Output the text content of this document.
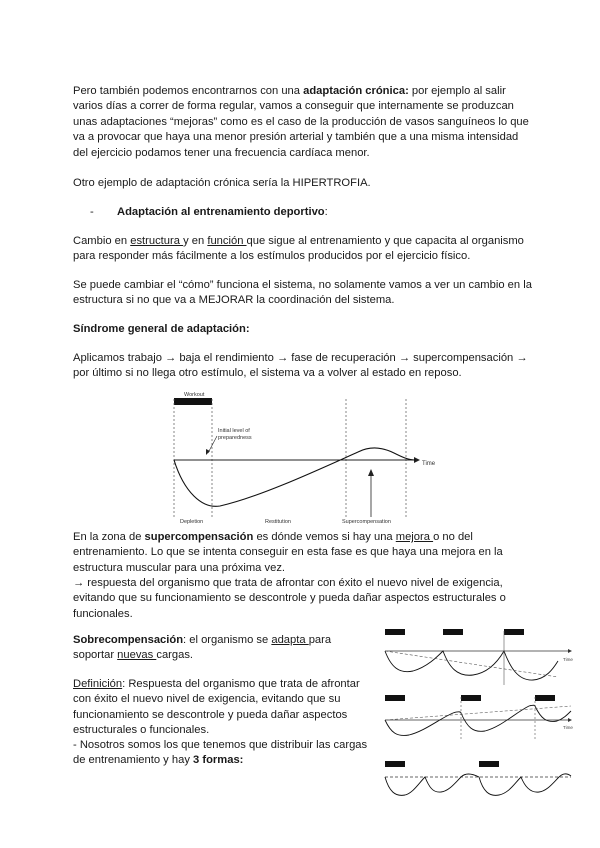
Pero también podemos encontrarnos con una adaptación crónica: por ejemplo al salir varios días a correr de forma regular, vamos a conseguir que internamente se produzcan unas adaptaciones “mejoras” como es el caso de la producción de vasos sanguíneos lo que va a provocar que haya una menor presión arterial y también que a una misma intensidad del ejercicio podamos tener una frecuencia cardíaca menor.

Otro ejemplo de adaptación crónica sería la HIPERTROFIA.

- Adaptación al entrenamiento deportivo:

Cambio en estructura y en función que sigue al entrenamiento y que capacita al organismo para responder más fácilmente a los estímulos producidos por el ejercicio físico.

Se puede cambiar el “cómo” funciona el sistema, no solamente vamos a ver un cambio en la estructura si no que va a MEJORAR la coordinación del sistema.

Síndrome general de adaptación:

Aplicamos trabajo → baja el rendimiento → fase de recuperación → supercompensación → por último si no llega otro estímulo, el sistema va a volver al estado en reposo.

Workout
Time
Initial level of
preparedness
Depletion	Restitution	Supercompensation

En la zona de supercompensación es dónde vemos si hay una mejora o no del entrenamiento. Lo que se intenta conseguir en esta fase es que haya una mejora en la estructura muscular para una próxima vez.

→ respuesta del organismo que trata de afrontar con éxito el nuevo nivel de exigencia, evitando que su funcionamiento se descontrole y pueda dañar aspectos estructurales o funcionales.

Sobrecompensación: el organismo se adapta para soportar nuevas cargas.

Definición: Respuesta del organismo que trata de afrontar con éxito el nuevo nivel de exigencia, evitando que su funcionamiento se descontrole y pueda dañar aspectos estructurales o funcionales.

- Nosotros somos los que tenemos que distribuir las cargas de entrenamiento y hay 3 formas:

Time
Time
